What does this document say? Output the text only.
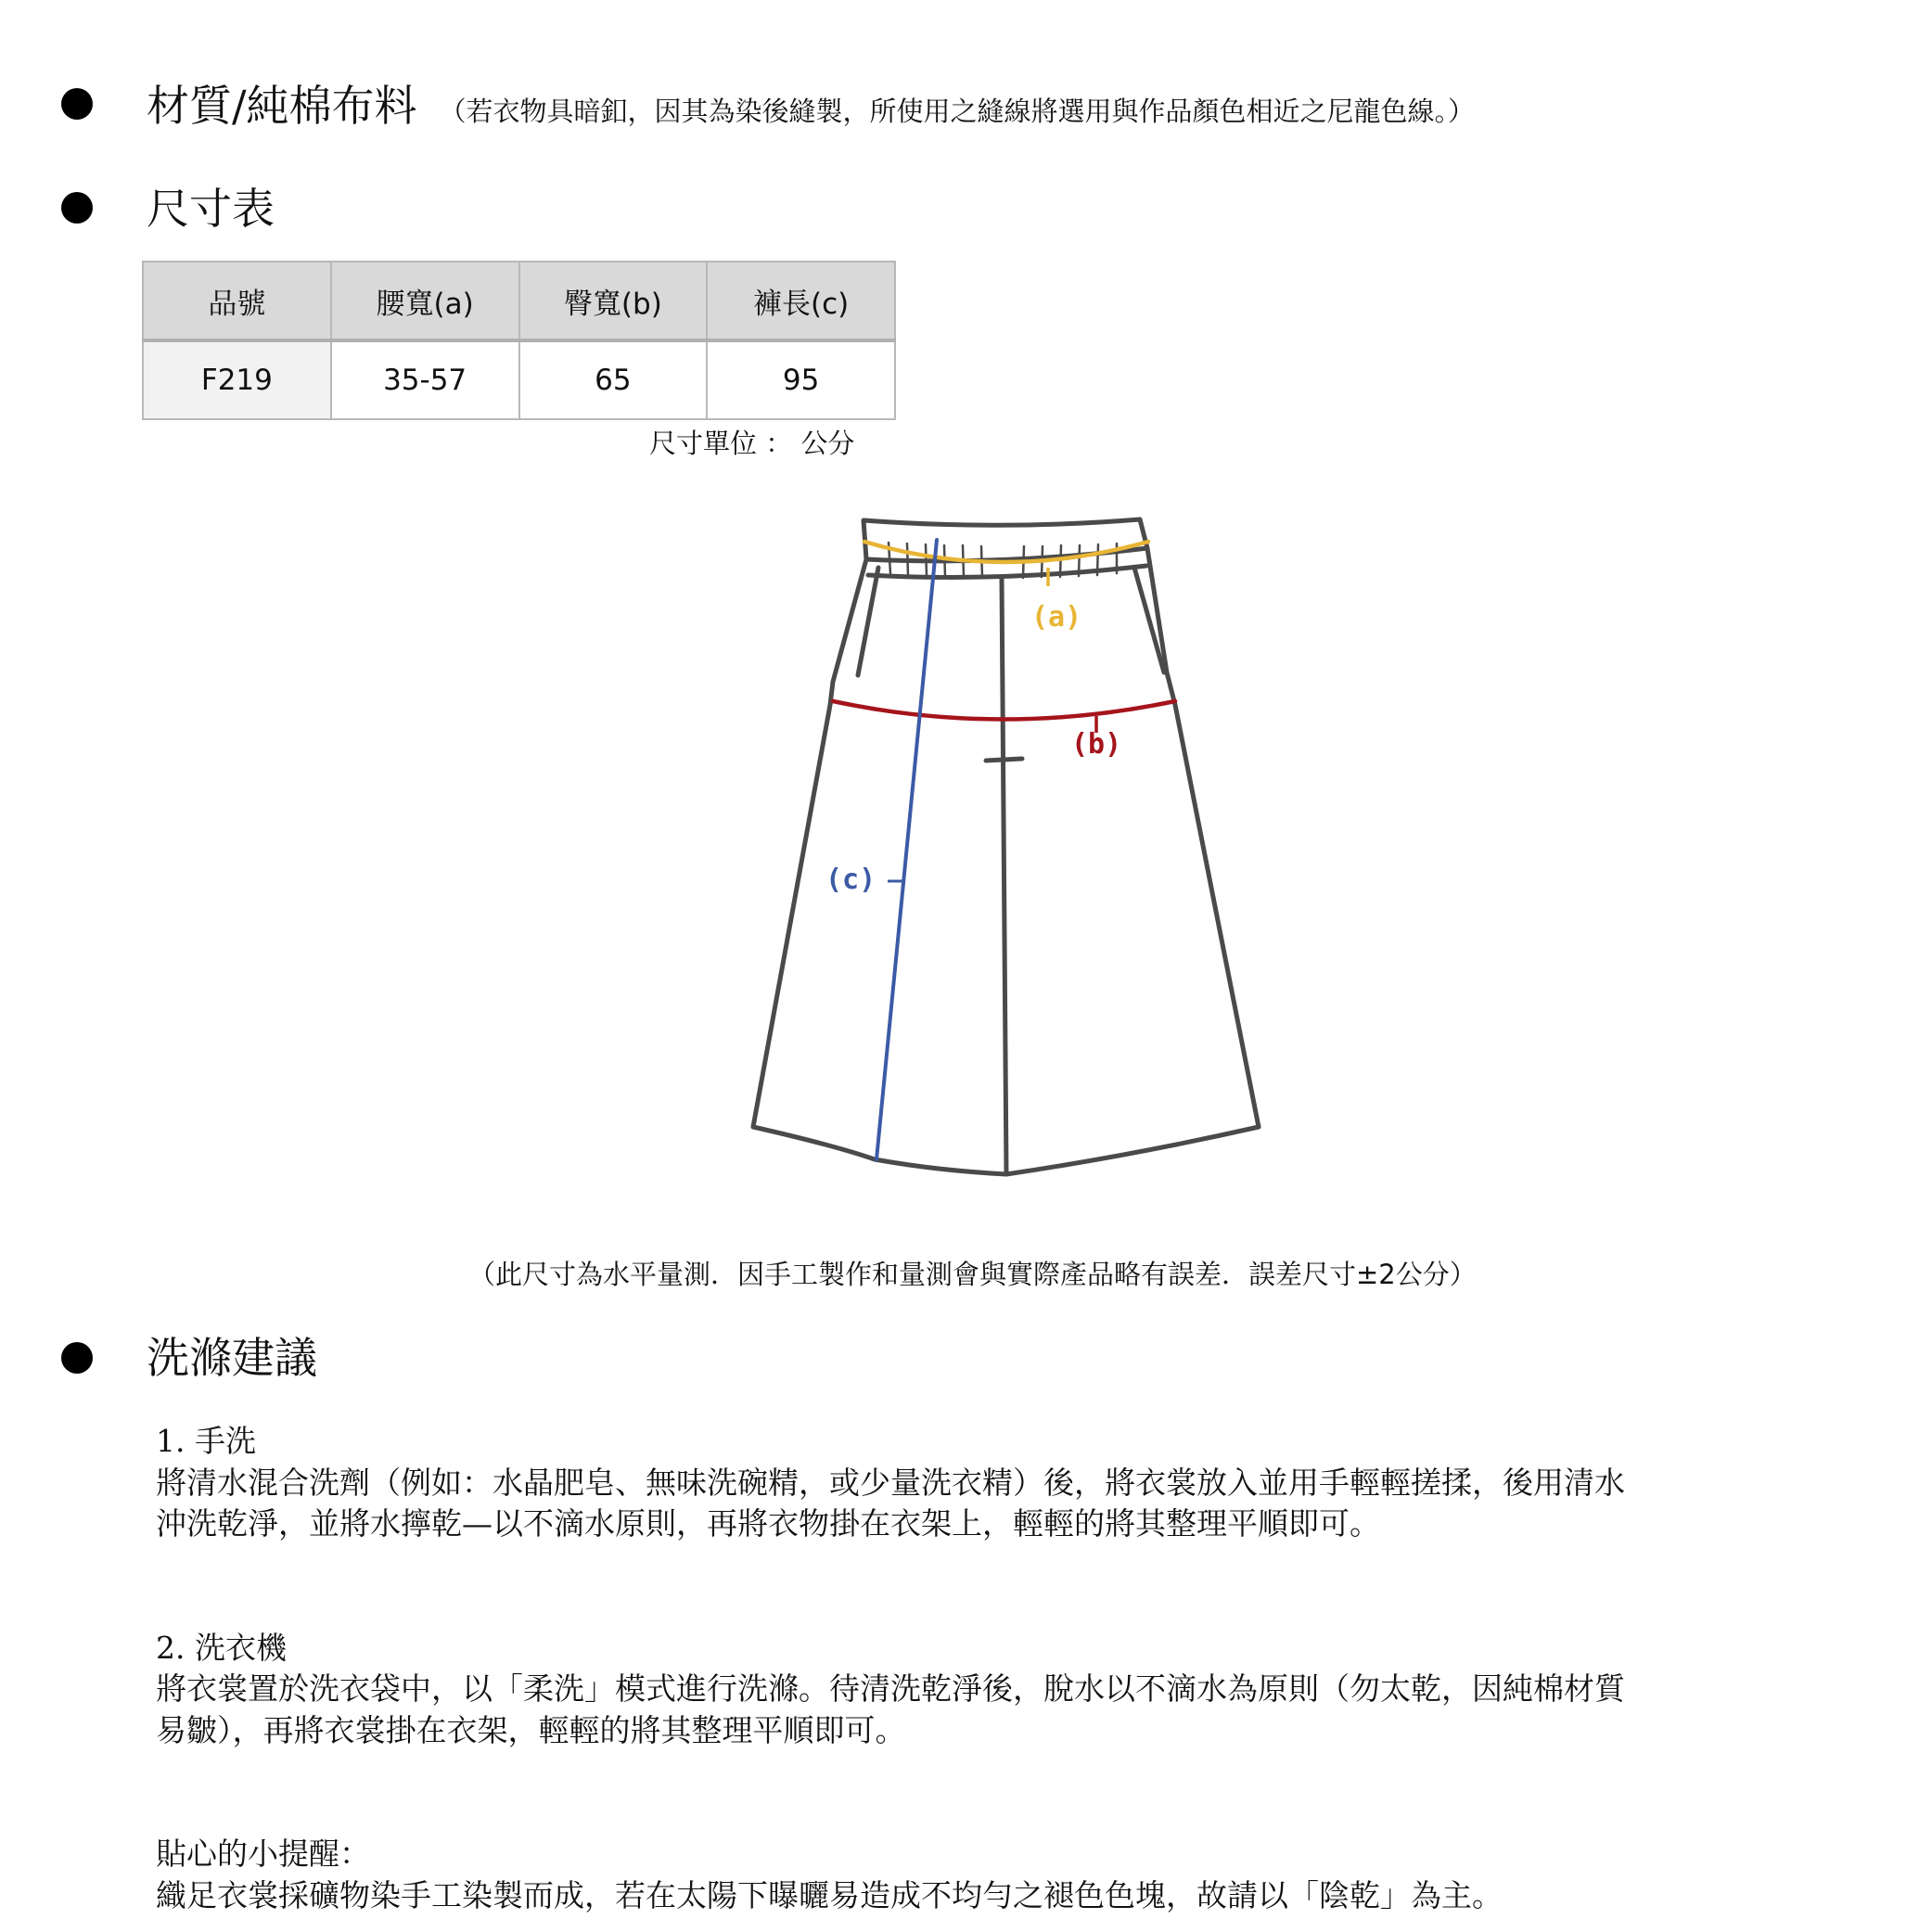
材質/純棉布料 （若衣物具暗釦，因其為染後縫製，所使用之縫線將選用與作品顏色相近之尼龍色線。）
尺寸表
品號	腰寬(a)	臀寬(b)	褲長(c)
F219	35-57	65	95
尺寸單位 ： 公分
(a)
(b)
(c)
（此尺寸為水平量測．因手工製作和量測會與實際產品略有誤差．誤差尺寸±2公分）
洗滌建議

1. 手洗

將清水混合洗劑（例如：水晶肥皂、無味洗碗精，或少量洗衣精）後，將衣裳放入並用手輕輕搓揉，後用清水

沖洗乾淨，並將水擰乾—以不滴水原則，再將衣物掛在衣架上，輕輕的將其整理平順即可。

2. 洗衣機

將衣裳置於洗衣袋中，以「柔洗」模式進行洗滌。待清洗乾淨後，脫水以不滴水為原則（勿太乾，因純棉材質

易皺），再將衣裳掛在衣架，輕輕的將其整理平順即可。

貼心的小提醒：

織足衣裳採礦物染手工染製而成，若在太陽下曝曬易造成不均勻之褪色色塊，故請以「陰乾」為主。
